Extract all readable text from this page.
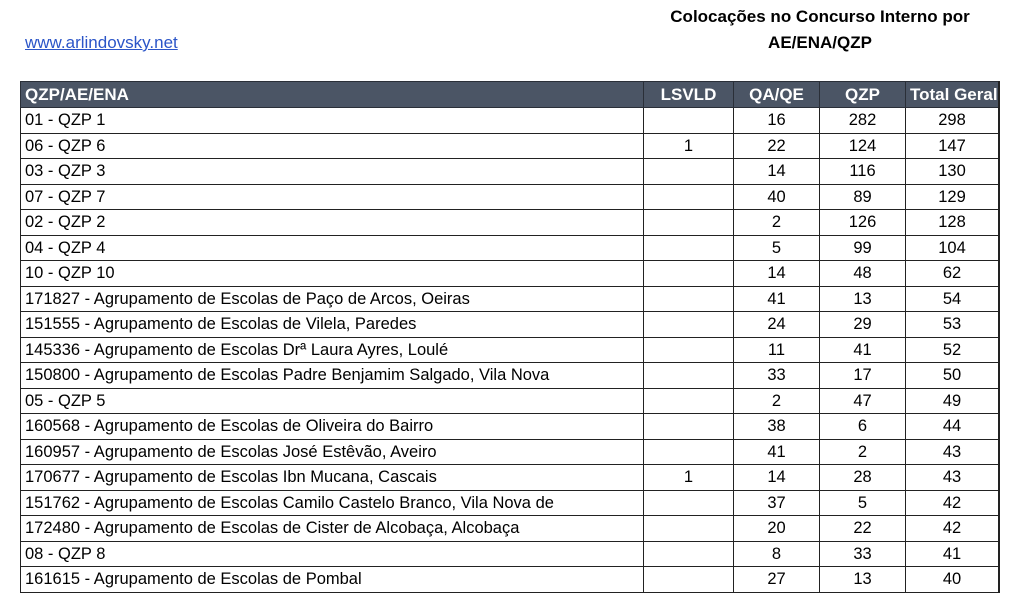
www.arlindovsky.net
Colocações no Concurso Interno por
AE/ENA/QZP
QZP/AE/ENA	LSVLD	QA/QE	QZP	Total Geral
01 - QZP 1		16	282	298
06 - QZP 6	1	22	124	147
03 - QZP 3		14	116	130
07 - QZP 7		40	89	129
02 - QZP 2		2	126	128
04 - QZP 4		5	99	104
10 - QZP 10		14	48	62
171827 - Agrupamento de Escolas de Paço de Arcos, Oeiras		41	13	54
151555 - Agrupamento de Escolas de Vilela, Paredes		24	29	53
145336 - Agrupamento de Escolas Drª Laura Ayres, Loulé		11	41	52
150800 - Agrupamento de Escolas Padre Benjamim Salgado, Vila Nova		33	17	50
05 - QZP 5		2	47	49
160568 - Agrupamento de Escolas de Oliveira do Bairro		38	6	44
160957 - Agrupamento de Escolas José Estêvão, Aveiro		41	2	43
170677 - Agrupamento de Escolas Ibn Mucana, Cascais	1	14	28	43
151762 - Agrupamento de Escolas Camilo Castelo Branco, Vila Nova de		37	5	42
172480 - Agrupamento de Escolas de Cister de Alcobaça, Alcobaça		20	22	42
08 - QZP 8		8	33	41
161615 - Agrupamento de Escolas de Pombal		27	13	40
